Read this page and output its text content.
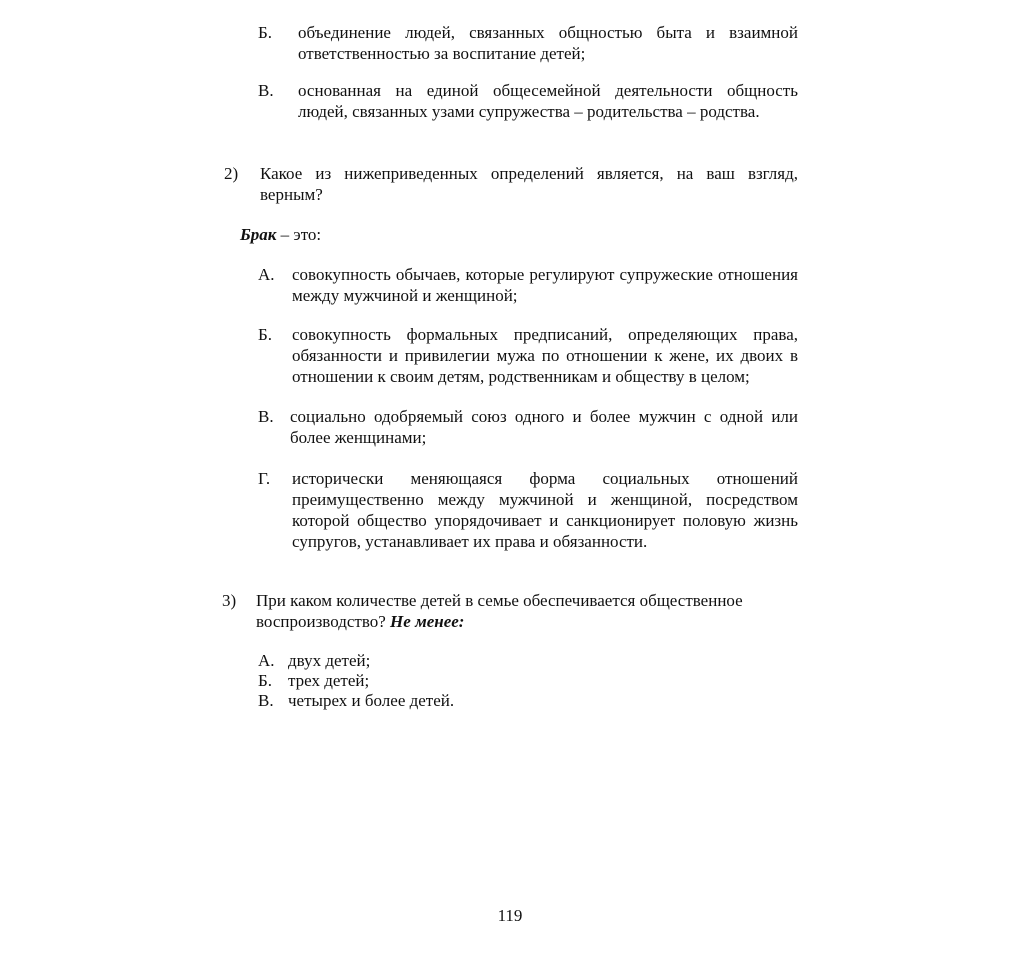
Б.	объединение людей, связанных общностью быта и взаимной ответственностью за воспитание детей;
В.	основанная на единой общесемейной деятельности общность людей, связанных узами супружества – родительства – родства.
2)	Какое из нижеприведенных определений является, на ваш взгляд, верным?
Брак – это:
А.	совокупность обычаев, которые регулируют супружеские отношения между мужчиной и женщиной;
Б.	совокупность формальных предписаний, определяющих права, обязанности и привилегии мужа по отношении к жене, их двоих в отношении к своим детям, родственникам и обществу в целом;
В. социально одобряемый союз одного и более мужчин с одной или более женщинами;
Г.	исторически меняющаяся форма социальных отношений преимущественно между мужчиной и женщиной, посредством которой общество упорядочивает и санкционирует половую жизнь супругов, устанавливает их права и обязанности.
3)	При каком количестве детей в семье обеспечивается общественное воспроизводство? Не менее:
А. двух детей;
Б. трех детей;
В. четырех и более детей.
119
